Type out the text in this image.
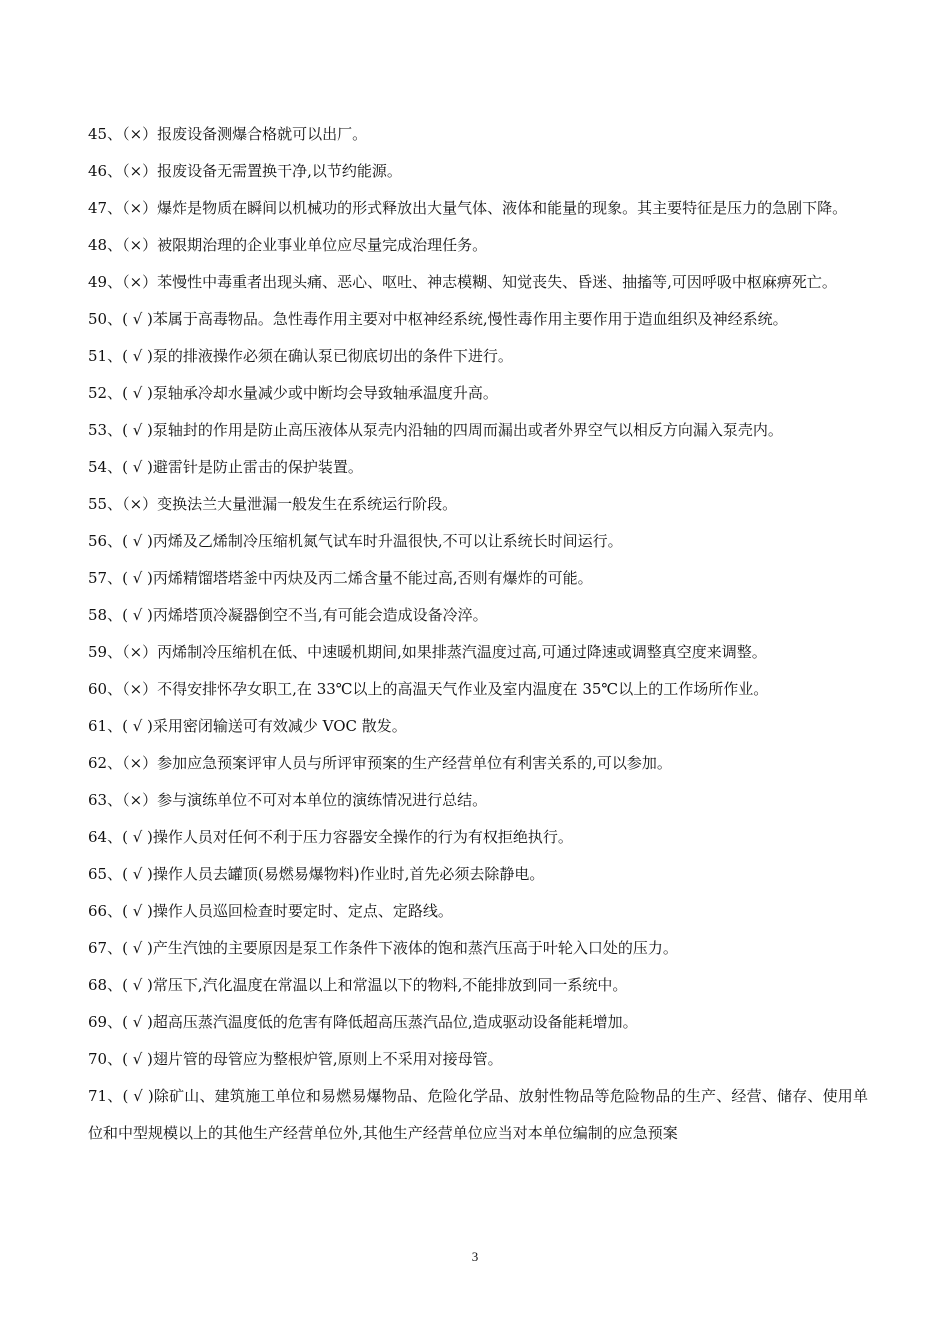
45、（×）报废设备测爆合格就可以出厂。
46、（×）报废设备无需置换干净,以节约能源。
47、（×）爆炸是物质在瞬间以机械功的形式释放出大量气体、液体和能量的现象。其主要特征是压力的急剧下降。
48、（×）被限期治理的企业事业单位应尽量完成治理任务。
49、（×）苯慢性中毒重者出现头痛、恶心、呕吐、神志模糊、知觉丧失、昏迷、抽搐等,可因呼吸中枢麻痹死亡。
50、( √ )苯属于高毒物品。急性毒作用主要对中枢神经系统,慢性毒作用主要作用于造血组织及神经系统。
51、( √ )泵的排液操作必须在确认泵已彻底切出的条件下进行。
52、( √ )泵轴承冷却水量减少或中断均会导致轴承温度升高。
53、( √ )泵轴封的作用是防止高压液体从泵壳内沿轴的四周而漏出或者外界空气以相反方向漏入泵壳内。
54、( √ )避雷针是防止雷击的保护装置。
55、（×）变换法兰大量泄漏一般发生在系统运行阶段。
56、( √ )丙烯及乙烯制冷压缩机氮气试车时升温很快,不可以让系统长时间运行。
57、( √ )丙烯精馏塔塔釜中丙炔及丙二烯含量不能过高,否则有爆炸的可能。
58、( √ )丙烯塔顶冷凝器倒空不当,有可能会造成设备冷淬。
59、（×）丙烯制冷压缩机在低、中速暖机期间,如果排蒸汽温度过高,可通过降速或调整真空度来调整。
60、（×）不得安排怀孕女职工,在 33℃以上的高温天气作业及室内温度在 35℃以上的工作场所作业。
61、( √ )采用密闭输送可有效减少 VOC 散发。
62、（×）参加应急预案评审人员与所评审预案的生产经营单位有利害关系的,可以参加。
63、（×）参与演练单位不可对本单位的演练情况进行总结。
64、( √ )操作人员对任何不利于压力容器安全操作的行为有权拒绝执行。
65、( √ )操作人员去罐顶(易燃易爆物料)作业时,首先必须去除静电。
66、( √ )操作人员巡回检查时要定时、定点、定路线。
67、( √ )产生汽蚀的主要原因是泵工作条件下液体的饱和蒸汽压高于叶轮入口处的压力。
68、( √ )常压下,汽化温度在常温以上和常温以下的物料,不能排放到同一系统中。
69、( √ )超高压蒸汽温度低的危害有降低超高压蒸汽品位,造成驱动设备能耗增加。
70、( √ )翅片管的母管应为整根炉管,原则上不采用对接母管。
71、( √ )除矿山、建筑施工单位和易燃易爆物品、危险化学品、放射性物品等危险物品的生产、经营、储存、使用单位和中型规模以上的其他生产经营单位外,其他生产经营单位应当对本单位编制的应急预案
3
